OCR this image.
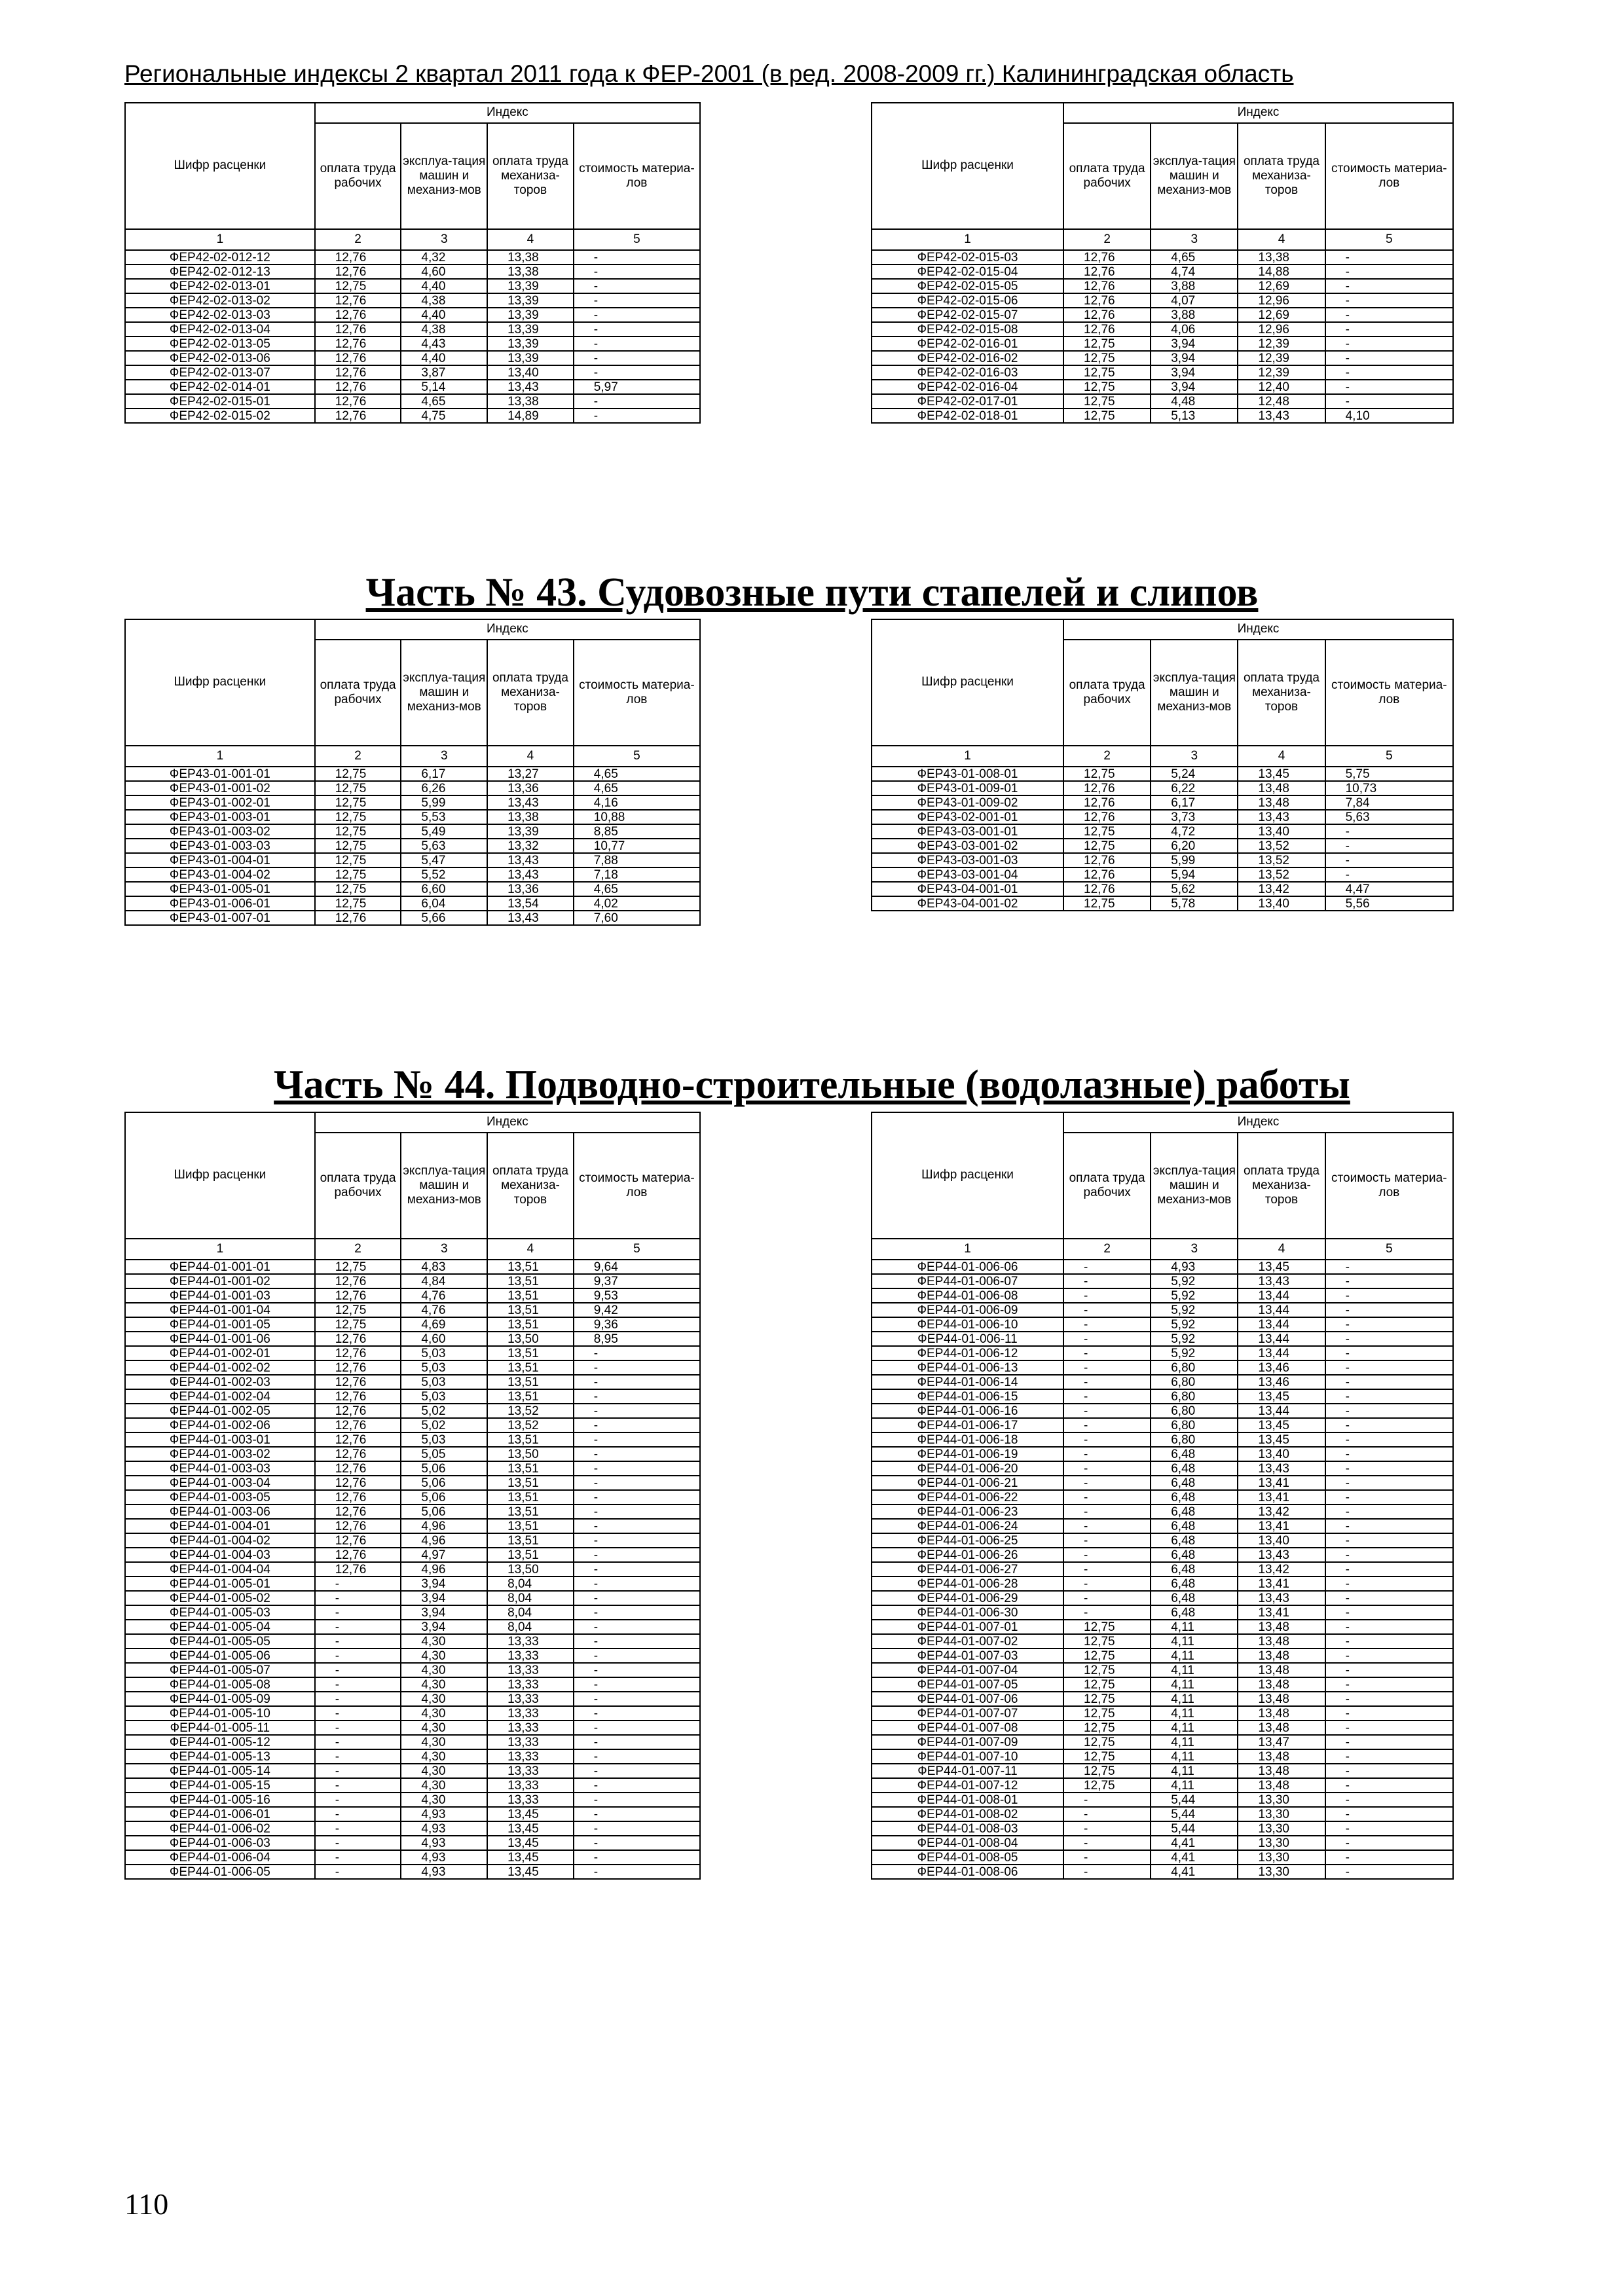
Региональные индексы 2 квартал 2011 года к ФЕР-2001 (в ред. 2008-2009 гг.) Калининградская область
Часть № 43. Судовозные пути стапелей и слипов
Часть № 44. Подводно-строительные (водолазные) работы
Шифр расценки	Индекс			
	оплата труда рабочих	эксплуа-тация машин и механиз-мов	оплата труда механиза-торов	стоимость материа-лов
1	2	3	4	5
ФЕР42-02-012-12	12,76	4,32	13,38	-
ФЕР42-02-012-13	12,76	4,60	13,38	-
ФЕР42-02-013-01	12,75	4,40	13,39	-
ФЕР42-02-013-02	12,76	4,38	13,39	-
ФЕР42-02-013-03	12,76	4,40	13,39	-
ФЕР42-02-013-04	12,76	4,38	13,39	-
ФЕР42-02-013-05	12,76	4,43	13,39	-
ФЕР42-02-013-06	12,76	4,40	13,39	-
ФЕР42-02-013-07	12,76	3,87	13,40	-
ФЕР42-02-014-01	12,76	5,14	13,43	5,97
ФЕР42-02-015-01	12,76	4,65	13,38	-
ФЕР42-02-015-02	12,76	4,75	14,89	-
Шифр расценки	Индекс			
	оплата труда рабочих	эксплуа-тация машин и механиз-мов	оплата труда механиза-торов	стоимость материа-лов
1	2	3	4	5
ФЕР42-02-015-03	12,76	4,65	13,38	-
ФЕР42-02-015-04	12,76	4,74	14,88	-
ФЕР42-02-015-05	12,76	3,88	12,69	-
ФЕР42-02-015-06	12,76	4,07	12,96	-
ФЕР42-02-015-07	12,76	3,88	12,69	-
ФЕР42-02-015-08	12,76	4,06	12,96	-
ФЕР42-02-016-01	12,75	3,94	12,39	-
ФЕР42-02-016-02	12,75	3,94	12,39	-
ФЕР42-02-016-03	12,75	3,94	12,39	-
ФЕР42-02-016-04	12,75	3,94	12,40	-
ФЕР42-02-017-01	12,75	4,48	12,48	-
ФЕР42-02-018-01	12,75	5,13	13,43	4,10
Шифр расценки	Индекс			
	оплата труда рабочих	эксплуа-тация машин и механиз-мов	оплата труда механиза-торов	стоимость материа-лов
1	2	3	4	5
ФЕР43-01-001-01	12,75	6,17	13,27	4,65
ФЕР43-01-001-02	12,75	6,26	13,36	4,65
ФЕР43-01-002-01	12,75	5,99	13,43	4,16
ФЕР43-01-003-01	12,75	5,53	13,38	10,88
ФЕР43-01-003-02	12,75	5,49	13,39	8,85
ФЕР43-01-003-03	12,75	5,63	13,32	10,77
ФЕР43-01-004-01	12,75	5,47	13,43	7,88
ФЕР43-01-004-02	12,75	5,52	13,43	7,18
ФЕР43-01-005-01	12,75	6,60	13,36	4,65
ФЕР43-01-006-01	12,75	6,04	13,54	4,02
ФЕР43-01-007-01	12,76	5,66	13,43	7,60
Шифр расценки	Индекс			
	оплата труда рабочих	эксплуа-тация машин и механиз-мов	оплата труда механиза-торов	стоимость материа-лов
1	2	3	4	5
ФЕР43-01-008-01	12,75	5,24	13,45	5,75
ФЕР43-01-009-01	12,76	6,22	13,48	10,73
ФЕР43-01-009-02	12,76	6,17	13,48	7,84
ФЕР43-02-001-01	12,76	3,73	13,43	5,63
ФЕР43-03-001-01	12,75	4,72	13,40	-
ФЕР43-03-001-02	12,75	6,20	13,52	-
ФЕР43-03-001-03	12,76	5,99	13,52	-
ФЕР43-03-001-04	12,76	5,94	13,52	-
ФЕР43-04-001-01	12,76	5,62	13,42	4,47
ФЕР43-04-001-02	12,75	5,78	13,40	5,56
Шифр расценки	Индекс			
	оплата труда рабочих	эксплуа-тация машин и механиз-мов	оплата труда механиза-торов	стоимость материа-лов
1	2	3	4	5
ФЕР44-01-001-01	12,75	4,83	13,51	9,64
ФЕР44-01-001-02	12,76	4,84	13,51	9,37
ФЕР44-01-001-03	12,76	4,76	13,51	9,53
ФЕР44-01-001-04	12,75	4,76	13,51	9,42
ФЕР44-01-001-05	12,75	4,69	13,51	9,36
ФЕР44-01-001-06	12,76	4,60	13,50	8,95
ФЕР44-01-002-01	12,76	5,03	13,51	-
ФЕР44-01-002-02	12,76	5,03	13,51	-
ФЕР44-01-002-03	12,76	5,03	13,51	-
ФЕР44-01-002-04	12,76	5,03	13,51	-
ФЕР44-01-002-05	12,76	5,02	13,52	-
ФЕР44-01-002-06	12,76	5,02	13,52	-
ФЕР44-01-003-01	12,76	5,03	13,51	-
ФЕР44-01-003-02	12,76	5,05	13,50	-
ФЕР44-01-003-03	12,76	5,06	13,51	-
ФЕР44-01-003-04	12,76	5,06	13,51	-
ФЕР44-01-003-05	12,76	5,06	13,51	-
ФЕР44-01-003-06	12,76	5,06	13,51	-
ФЕР44-01-004-01	12,76	4,96	13,51	-
ФЕР44-01-004-02	12,76	4,96	13,51	-
ФЕР44-01-004-03	12,76	4,97	13,51	-
ФЕР44-01-004-04	12,76	4,96	13,50	-
ФЕР44-01-005-01	-	3,94	8,04	-
ФЕР44-01-005-02	-	3,94	8,04	-
ФЕР44-01-005-03	-	3,94	8,04	-
ФЕР44-01-005-04	-	3,94	8,04	-
ФЕР44-01-005-05	-	4,30	13,33	-
ФЕР44-01-005-06	-	4,30	13,33	-
ФЕР44-01-005-07	-	4,30	13,33	-
ФЕР44-01-005-08	-	4,30	13,33	-
ФЕР44-01-005-09	-	4,30	13,33	-
ФЕР44-01-005-10	-	4,30	13,33	-
ФЕР44-01-005-11	-	4,30	13,33	-
ФЕР44-01-005-12	-	4,30	13,33	-
ФЕР44-01-005-13	-	4,30	13,33	-
ФЕР44-01-005-14	-	4,30	13,33	-
ФЕР44-01-005-15	-	4,30	13,33	-
ФЕР44-01-005-16	-	4,30	13,33	-
ФЕР44-01-006-01	-	4,93	13,45	-
ФЕР44-01-006-02	-	4,93	13,45	-
ФЕР44-01-006-03	-	4,93	13,45	-
ФЕР44-01-006-04	-	4,93	13,45	-
ФЕР44-01-006-05	-	4,93	13,45	-
Шифр расценки	Индекс			
	оплата труда рабочих	эксплуа-тация машин и механиз-мов	оплата труда механиза-торов	стоимость материа-лов
1	2	3	4	5
ФЕР44-01-006-06	-	4,93	13,45	-
ФЕР44-01-006-07	-	5,92	13,43	-
ФЕР44-01-006-08	-	5,92	13,44	-
ФЕР44-01-006-09	-	5,92	13,44	-
ФЕР44-01-006-10	-	5,92	13,44	-
ФЕР44-01-006-11	-	5,92	13,44	-
ФЕР44-01-006-12	-	5,92	13,44	-
ФЕР44-01-006-13	-	6,80	13,46	-
ФЕР44-01-006-14	-	6,80	13,46	-
ФЕР44-01-006-15	-	6,80	13,45	-
ФЕР44-01-006-16	-	6,80	13,44	-
ФЕР44-01-006-17	-	6,80	13,45	-
ФЕР44-01-006-18	-	6,80	13,45	-
ФЕР44-01-006-19	-	6,48	13,40	-
ФЕР44-01-006-20	-	6,48	13,43	-
ФЕР44-01-006-21	-	6,48	13,41	-
ФЕР44-01-006-22	-	6,48	13,41	-
ФЕР44-01-006-23	-	6,48	13,42	-
ФЕР44-01-006-24	-	6,48	13,41	-
ФЕР44-01-006-25	-	6,48	13,40	-
ФЕР44-01-006-26	-	6,48	13,43	-
ФЕР44-01-006-27	-	6,48	13,42	-
ФЕР44-01-006-28	-	6,48	13,41	-
ФЕР44-01-006-29	-	6,48	13,43	-
ФЕР44-01-006-30	-	6,48	13,41	-
ФЕР44-01-007-01	12,75	4,11	13,48	-
ФЕР44-01-007-02	12,75	4,11	13,48	-
ФЕР44-01-007-03	12,75	4,11	13,48	-
ФЕР44-01-007-04	12,75	4,11	13,48	-
ФЕР44-01-007-05	12,75	4,11	13,48	-
ФЕР44-01-007-06	12,75	4,11	13,48	-
ФЕР44-01-007-07	12,75	4,11	13,48	-
ФЕР44-01-007-08	12,75	4,11	13,48	-
ФЕР44-01-007-09	12,75	4,11	13,47	-
ФЕР44-01-007-10	12,75	4,11	13,48	-
ФЕР44-01-007-11	12,75	4,11	13,48	-
ФЕР44-01-007-12	12,75	4,11	13,48	-
ФЕР44-01-008-01	-	5,44	13,30	-
ФЕР44-01-008-02	-	5,44	13,30	-
ФЕР44-01-008-03	-	5,44	13,30	-
ФЕР44-01-008-04	-	4,41	13,30	-
ФЕР44-01-008-05	-	4,41	13,30	-
ФЕР44-01-008-06	-	4,41	13,30	-
110
